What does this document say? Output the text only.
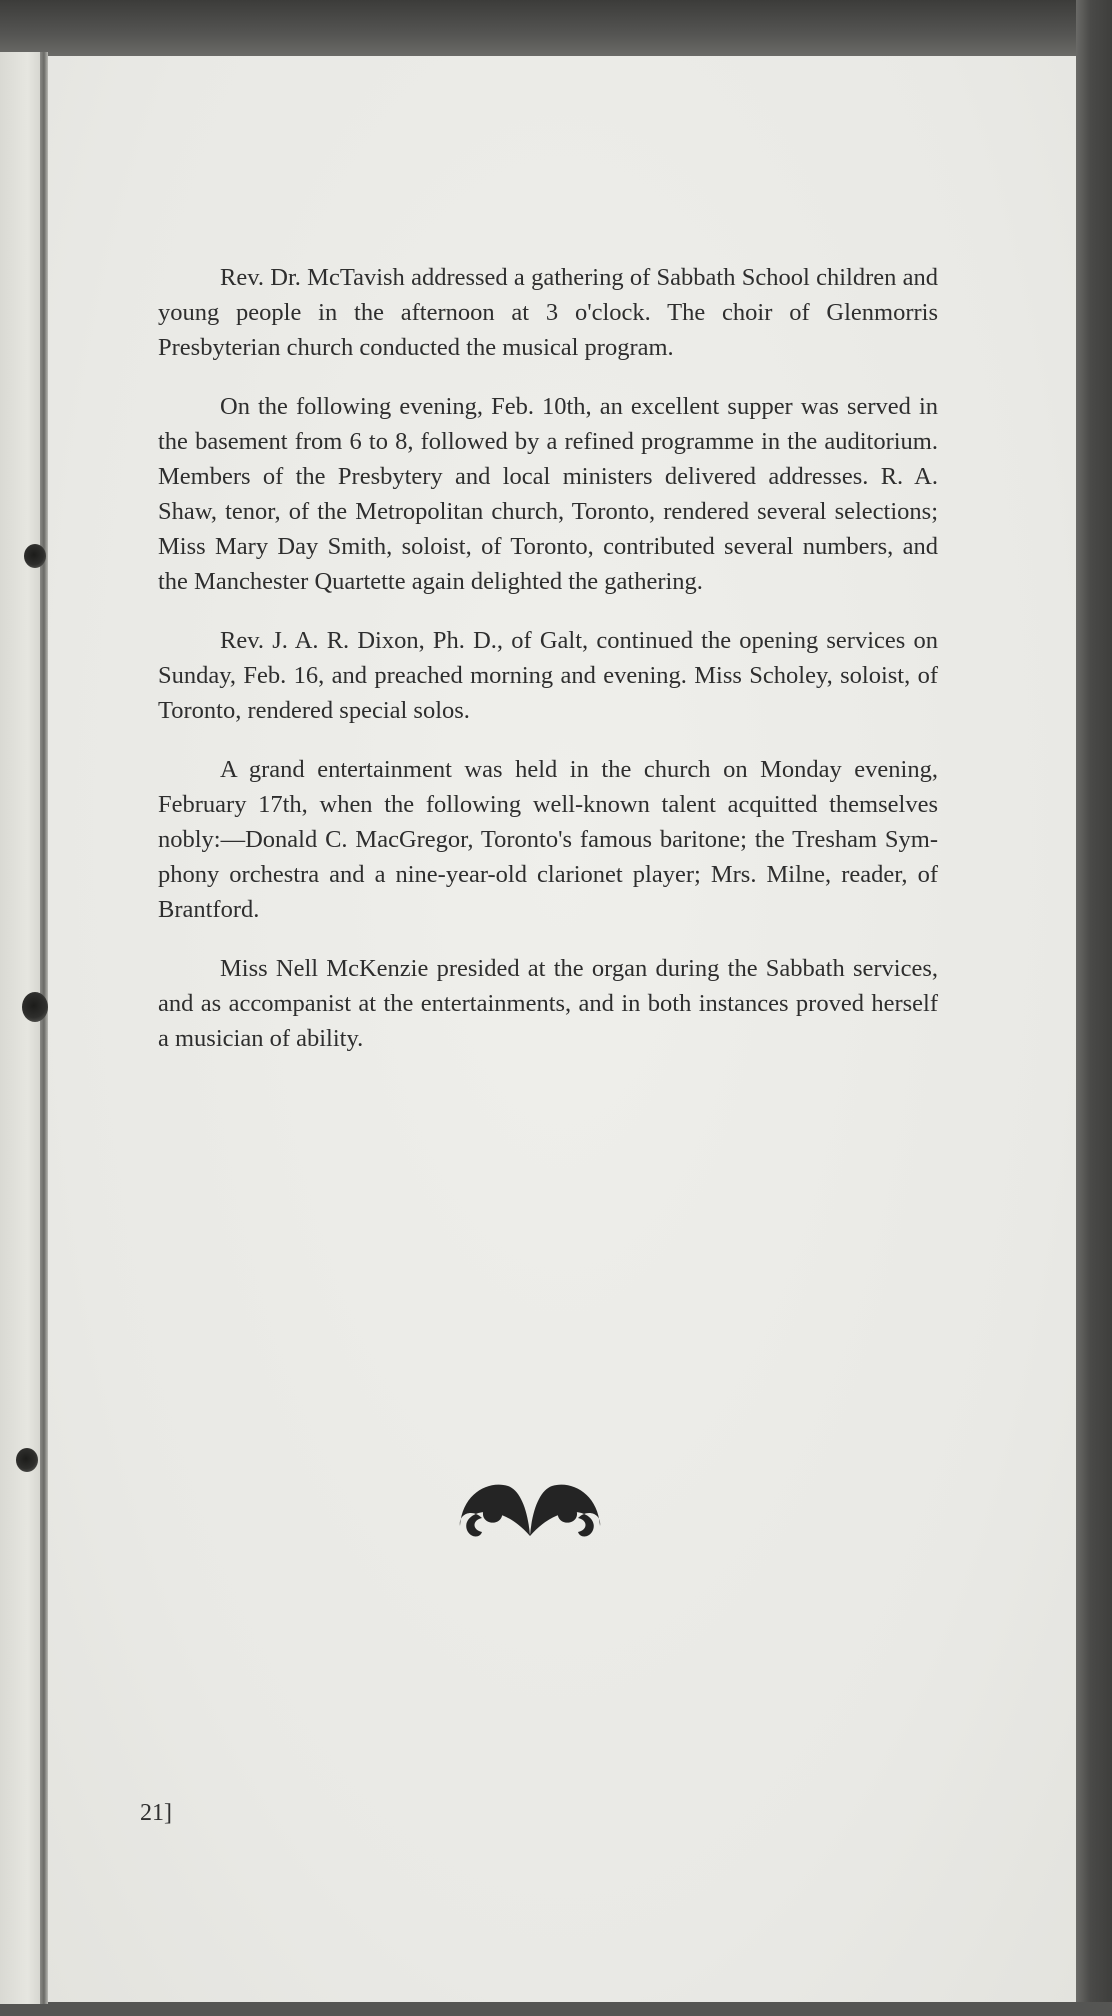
Rev. Dr. McTavish addressed a gathering of Sabbath School children and young people in the afternoon at 3 o'clock. The choir of Glenmorris Presbyterian church conducted the musical program.

On the following evening, Feb. 10th, an excellent supper was served in the basement from 6 to 8, followed by a refined programme in the auditorium. Members of the Presbytery and local ministers delivered addresses. R. A. Shaw, tenor, of the Metropolitan church, Toronto, rendered several selections; Miss Mary Day Smith, soloist, of Toronto, contributed several numbers, and the Manchester Quartette again delighted the gathering.

Rev. J. A. R. Dixon, Ph. D., of Galt, continued the opening services on Sunday, Feb. 16, and preached morning and evening. Miss Scholey, soloist, of Toronto, rendered special solos.

A grand entertainment was held in the church on Monday evening, February 17th, when the following well-known talent acquitted themselves nobly:—Donald C. MacGregor, Toronto's famous baritone; the Tresham Symphony orchestra and a nine-year-old clarionet player; Mrs. Milne, reader, of Brantford.

Miss Nell McKenzie presided at the organ during the Sabbath services, and as accompanist at the entertainments, and in both instances proved herself a musician of ability.

21]
